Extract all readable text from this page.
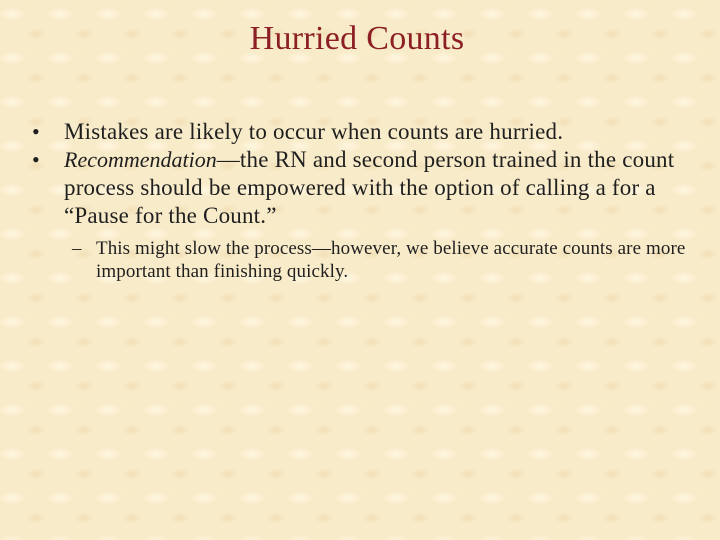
Hurried Counts
• Mistakes are likely to occur when counts are hurried.
• Recommendation—the RN and second person trained in the count process should be empowered with the option of calling a for a “Pause for the Count.”
– This might slow the process—however, we believe accurate counts are more important than finishing quickly.
